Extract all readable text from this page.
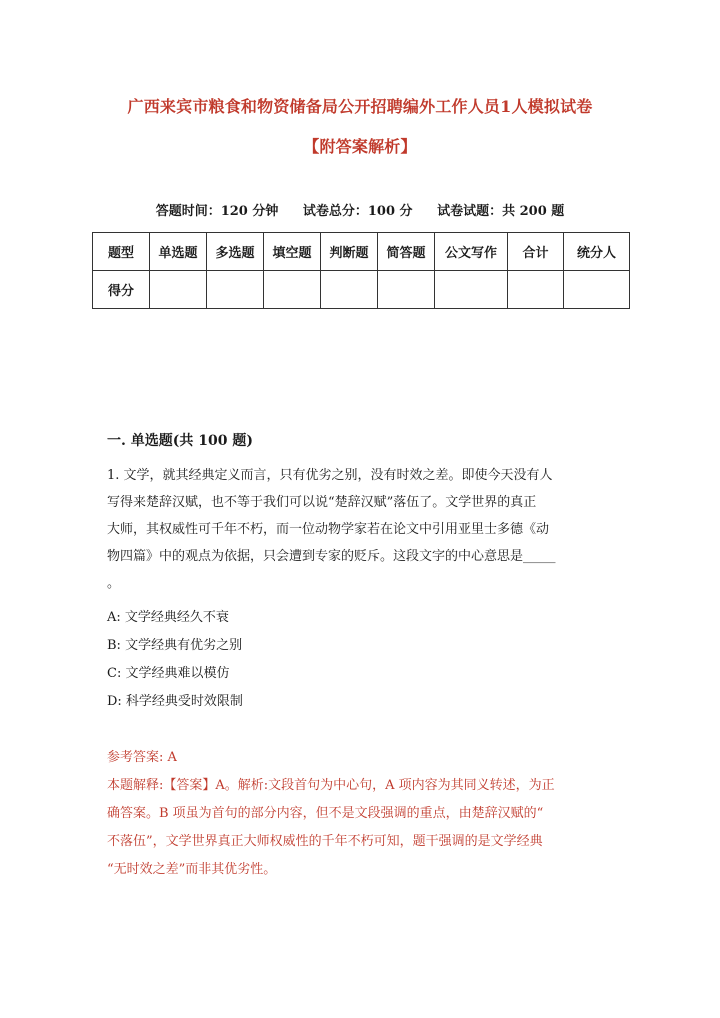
广西来宾市粮食和物资储备局公开招聘编外工作人员1人模拟试卷
【附答案解析】
答题时间：120 分钟 试卷总分：100 分 试卷试题：共 200 题
题型	单选题	多选题	填空题	判断题	简答题	公文写作	合计	统分人
得分								
一. 单选题(共 100 题)
1. 文学，就其经典定义而言，只有优劣之别，没有时效之差。即使今天没有人
写得来楚辞汉赋，也不等于我们可以说“楚辞汉赋”落伍了。文学世界的真正
大师，其权威性可千年不朽，而一位动物学家若在论文中引用亚里士多德《动
物四篇》中的观点为依据，只会遭到专家的贬斥。这段文字的中心意思是_____
。
A: 文学经典经久不衰
B: 文学经典有优劣之别
C: 文学经典难以模仿
D: 科学经典受时效限制
参考答案: A
本题解释:【答案】A。解析:文段首句为中心句，A 项内容为其同义转述，为正
确答案。B 项虽为首句的部分内容，但不是文段强调的重点，由楚辞汉赋的“
不落伍”，文学世界真正大师权威性的千年不朽可知，题干强调的是文学经典
“无时效之差”而非其优劣性。
